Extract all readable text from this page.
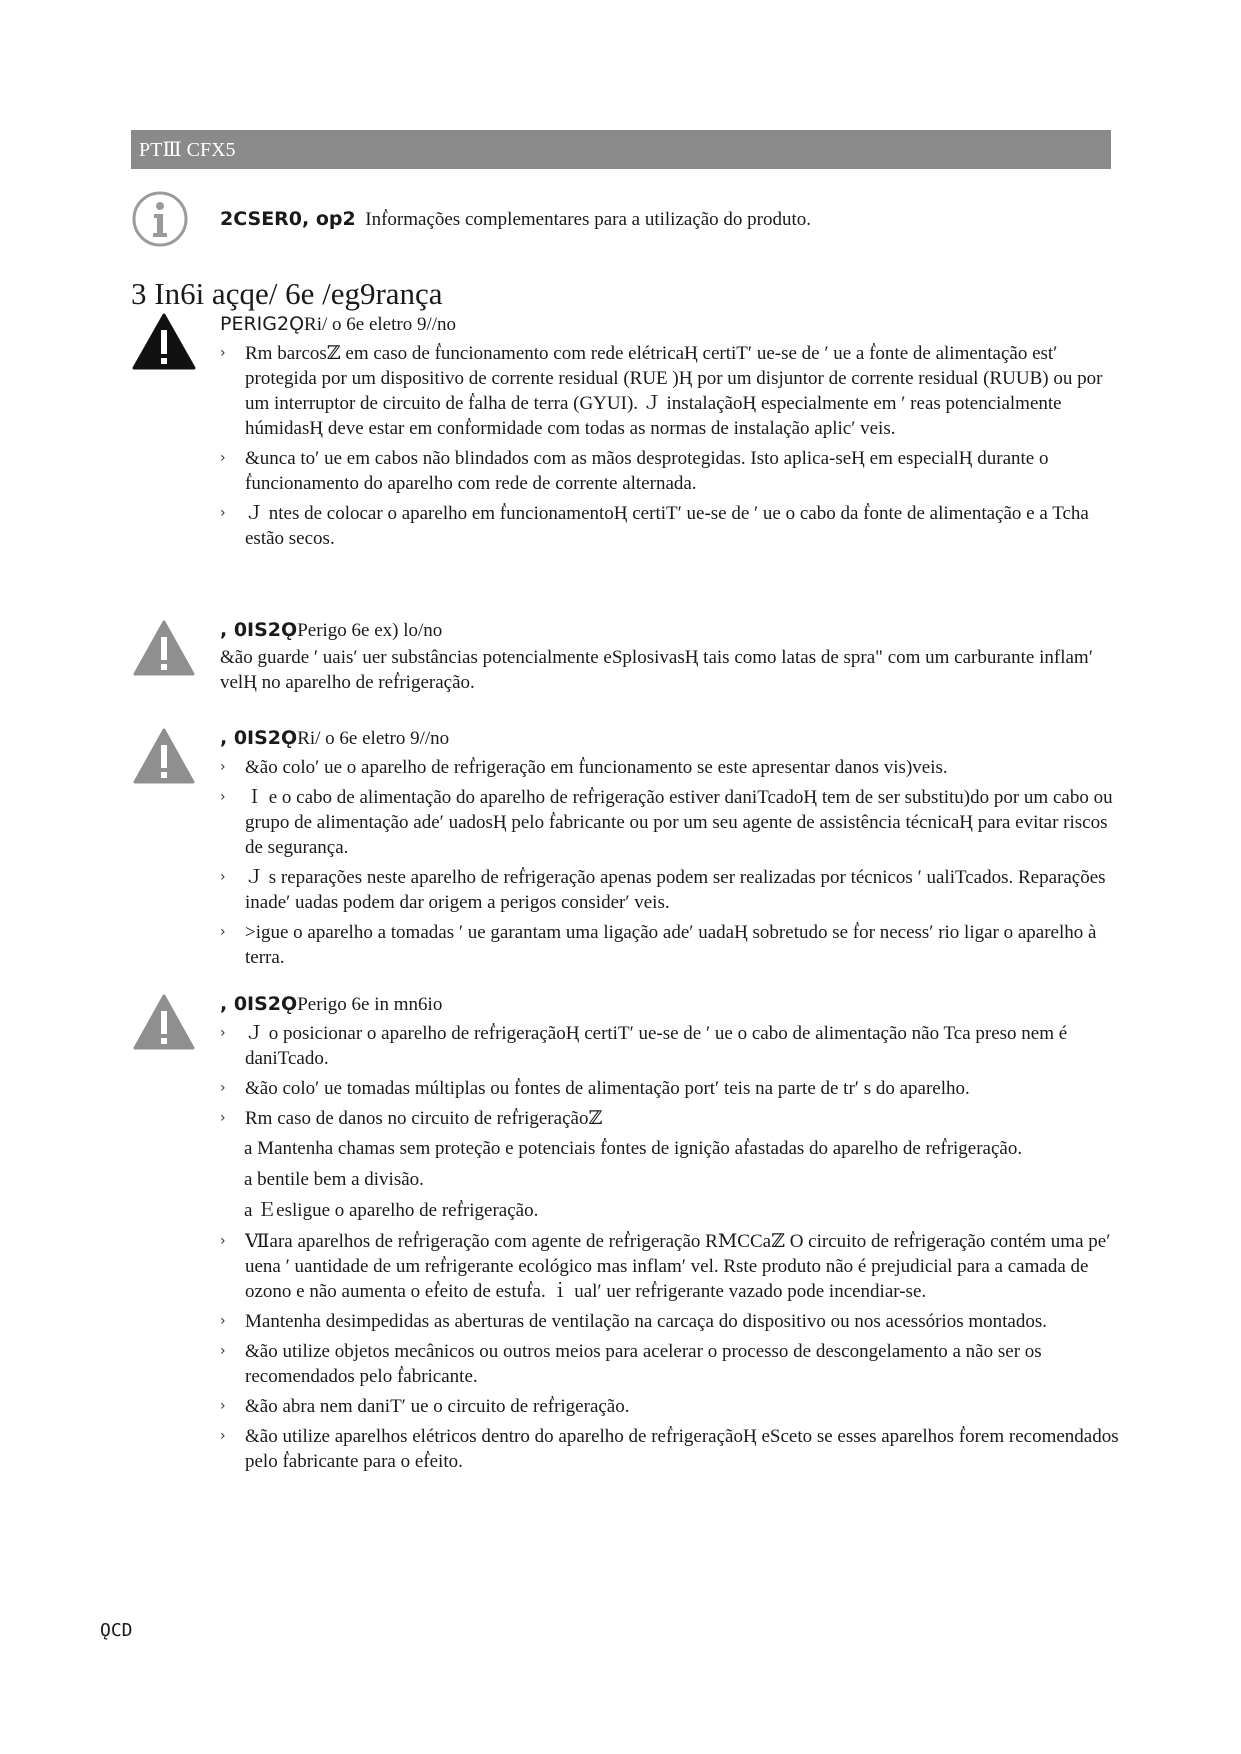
PTⅢ CFX5
2CSER0, op2 Inḟormações complementares para a utilização do produto.
3 In6i açqe/ 6e /eg9rança
PERIG2ǪRi/ o 6e eletro 9//no
› Rm barcosℤ em caso de ḟuncionamento com rede elétricaⱧ certiT′ ue-se de ′ ue a ḟonte de alimentação est′ protegida por um dispositivo de corrente residual (RUE )Ⱨ por um disjuntor de corrente residual (RUUB) ou por um interruptor de circuito de ḟalha de terra (GYUI). Ｊ instalaçãoⱧ especialmente em ′ reas potencialmente húmidasⱧ deve estar em conḟormidade com todas as normas de instalação aplic′ veis.
› &unca to′ ue em cabos não blindados com as mãos desprotegidas. Isto aplica-seⱧ em especialⱧ durante o ḟuncionamento do aparelho com rede de corrente alternada.
› Ｊ ntes de colocar o aparelho em ḟuncionamentoⱧ certiT′ ue-se de ′ ue o cabo da ḟonte de alimentação e a Tcha estão secos.
, 0IS2ǪPerigo 6e ex) lo/no
&ão guarde ′ uais′ uer substâncias potencialmente eSplosivasⱧ tais como latas de spra" com um carburante inflam′ velⱧ no aparelho de reḟrigeração.
, 0IS2ǪRi/ o 6e eletro 9//no
› &ão colo′ ue o aparelho de reḟrigeração em ḟuncionamento se este apresentar danos vis)veis.
› Ｉ e o cabo de alimentação do aparelho de reḟrigeração estiver daniTcadoⱧ tem de ser substitu)do por um cabo ou grupo de alimentação ade′ uadosⱧ pelo ḟabricante ou por um seu agente de assistência técnicaⱧ para evitar riscos de segurança.
› Ｊ s reparações neste aparelho de reḟrigeração apenas podem ser realizadas por técnicos ′ ualiTcados. Reparações inade′ uadas podem dar origem a perigos consider′ veis.
› >igue o aparelho a tomadas ′ ue garantam uma ligação ade′ uadaⱧ sobretudo se ḟor necess′ rio ligar o aparelho à terra.
, 0IS2ǪPerigo 6e in mn6io
› Ｊ o posicionar o aparelho de reḟrigeraçãoⱧ certiT′ ue-se de ′ ue o cabo de alimentação não Tca preso nem é daniTcado.
› &ão colo′ ue tomadas múltiplas ou ḟontes de alimentação port′ teis na parte de tr′ s do aparelho.
› Rm caso de danos no circuito de reḟrigeraçãoℤ
a Mantenha chamas sem proteção e potenciais ḟontes de ignição aḟastadas do aparelho de reḟrigeração.
a bentile bem a divisão.
a Ｅesligue o aparelho de reḟrigeração.
› Ⅶara aparelhos de reḟrigeração com agente de reḟrigeração RⅯCCaℤ O circuito de reḟrigeração contém uma pe′ uena ′ uantidade de um reḟrigerante ecológico mas inflam′ vel. Rste produto não é prejudicial para a camada de ozono e não aumenta o eḟeito de estuḟa. ｉ ual′ uer reḟrigerante vazado pode incendiar-se.
› Mantenha desimpedidas as aberturas de ventilação na carcaça do dispositivo ou nos acessórios montados.
› &ão utilize objetos mecânicos ou outros meios para acelerar o processo de descongelamento a não ser os recomendados pelo ḟabricante.
› &ão abra nem daniT′ ue o circuito de reḟrigeração.
› &ão utilize aparelhos elétricos dentro do aparelho de reḟrigeraçãoⱧ eSceto se esses aparelhos ḟorem recomendados pelo ḟabricante para o eḟeito.
ǪCD
